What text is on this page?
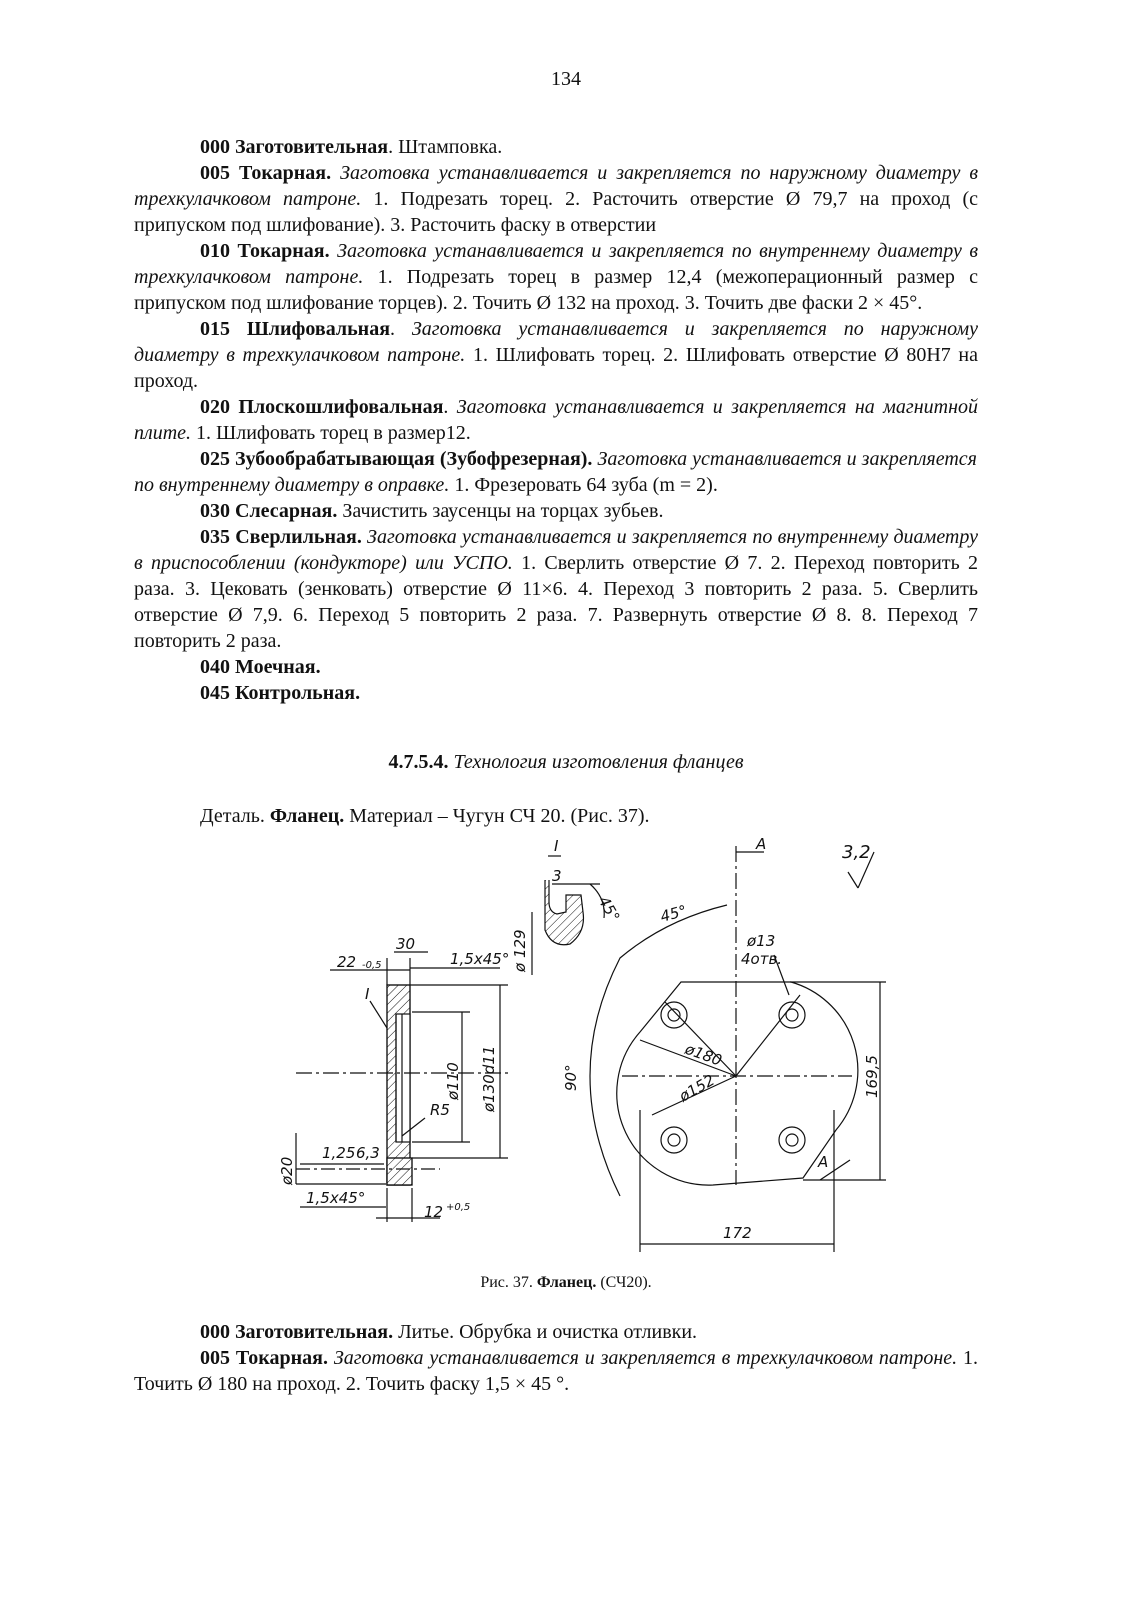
134

000 Заготовительная. Штамповка.

005 Токарная. Заготовка устанавливается и закрепляется по наружному диаметру в трехкулачковом патроне. 1. Подрезать торец. 2. Расточить отверстие Ø 79,7 на проход (с припуском под шлифование). 3. Расточить фаску в отверстии

010 Токарная. Заготовка устанавливается и закрепляется по внутреннему диаметру в трехкулачковом патроне. 1. Подрезать торец в размер 12,4 (межоперационный размер с припуском под шлифование торцев). 2. Точить Ø 132 на проход. 3. Точить две фаски 2 × 45°.

015 Шлифовальная. Заготовка устанавливается и закрепляется по наружному диаметру в трехкулачковом патроне. 1. Шлифовать торец. 2. Шлифовать отверстие Ø 80H7 на проход.

020 Плоскошлифовальная. Заготовка устанавливается и закрепляется на магнитной плите. 1. Шлифовать торец в размер12.

025 Зубообрабатывающая (Зубофрезерная). Заготовка устанавливается и закрепляется по внутреннему диаметру в оправке. 1. Фрезеровать 64 зуба (m = 2).

030 Слесарная. Зачистить заусенцы на торцах зубьев.

035 Сверлильная. Заготовка устанавливается и закрепляется по внутреннему диаметру в приспособлении (кондукторе) или УСПО. 1. Сверлить отверстие Ø 7. 2. Переход повторить 2 раза. 3. Цековать (зенковать) отверстие Ø 11×6. 4. Переход 3 повторить 2 раза. 5. Сверлить отверстие Ø 7,9. 6. Переход 5 повторить 2 раза. 7. Развернуть отверстие Ø 8. 8. Переход 7 повторить 2 раза.

040 Моечная.

045 Контрольная.

4.7.5.4. Технология изготовления фланцев
Деталь. Фланец. Материал – Чугун СЧ 20. (Рис. 37).
I
3
45°
ø 129
30
22 -0,5	1,5x45°
I
ø110 ø130d11
R5
1,25 6,3
ø20
1,5x45°
12 +0,5
A	3,2
45°
ø13
4отв.
ø180
ø152
90°	169,5
A
172
Рис. 37. Фланец. (СЧ20).

000 Заготовительная. Литье. Обрубка и очистка отливки.

005 Токарная. Заготовка устанавливается и закрепляется в трехкулачковом патроне. 1. Точить Ø 180 на проход. 2. Точить фаску 1,5 × 45 °.
